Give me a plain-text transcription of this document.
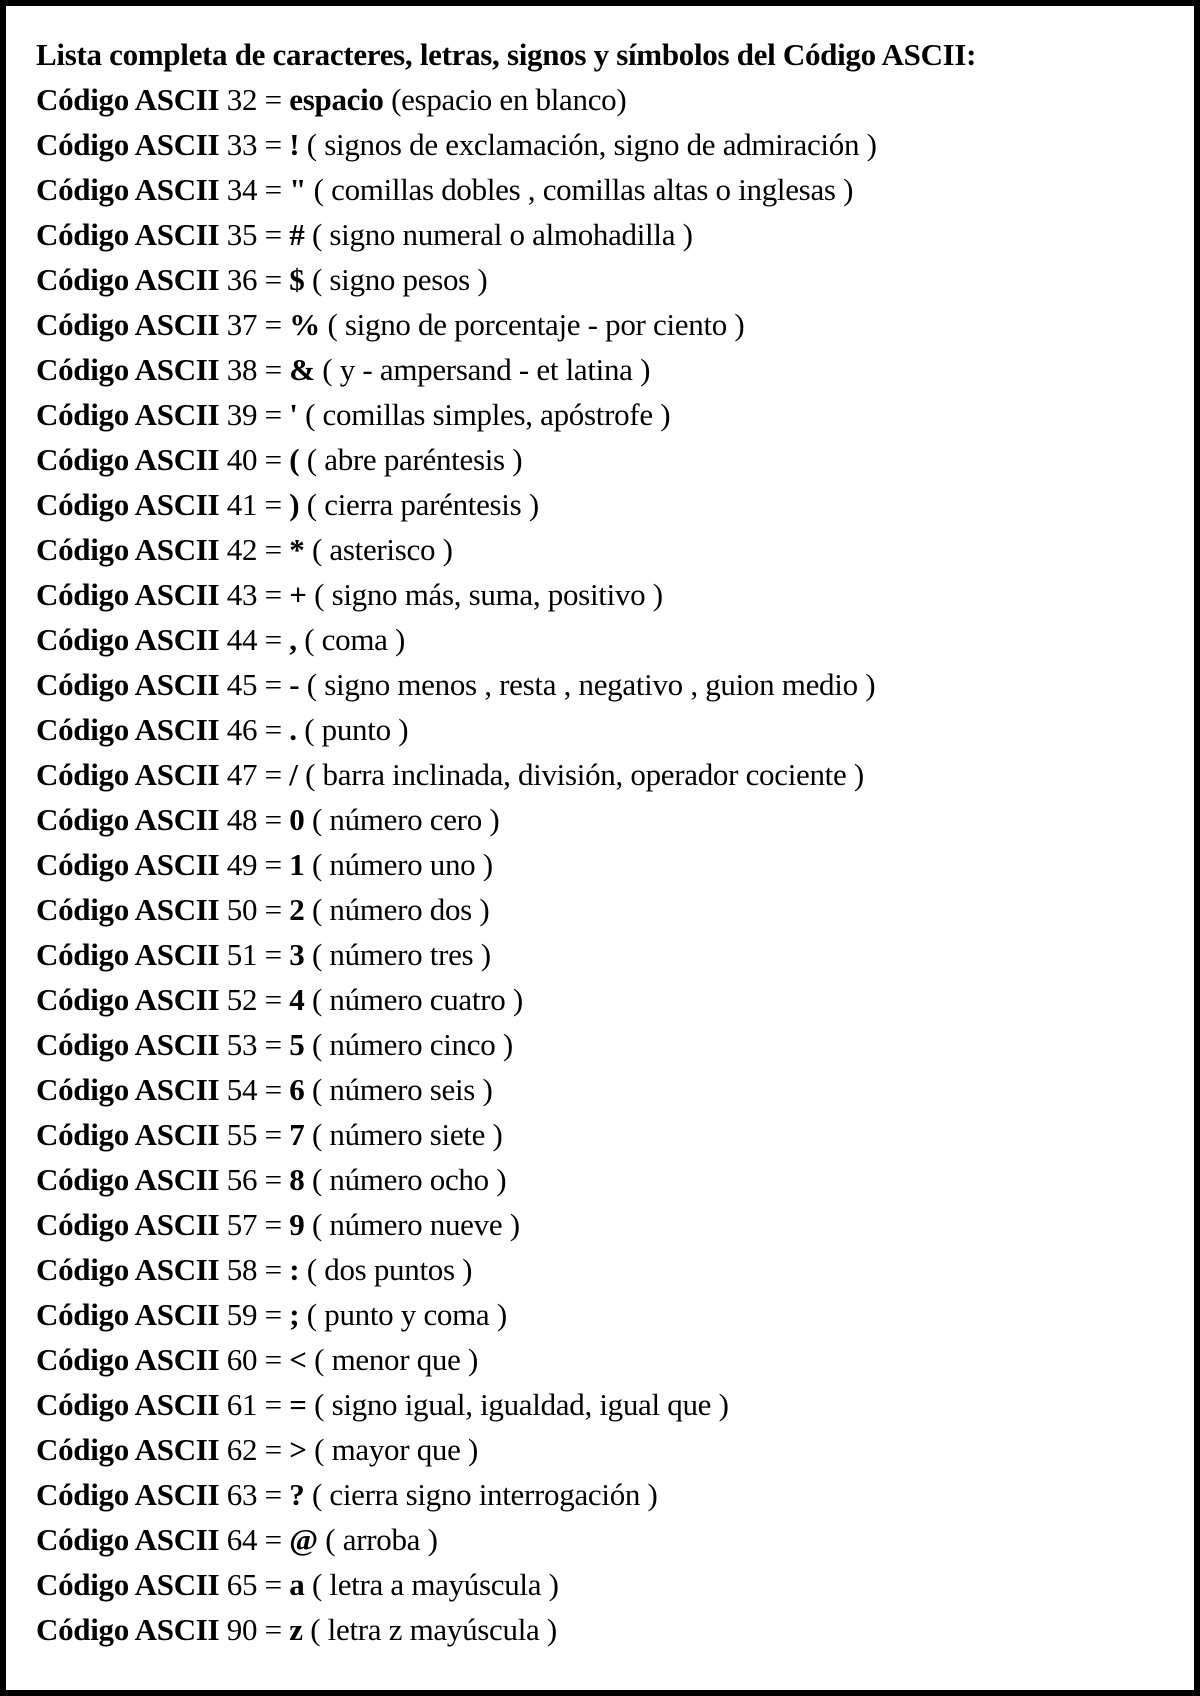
Lista completa de caracteres, letras, signos y símbolos del Código ASCII:
Código ASCII 32 = espacio (espacio en blanco)
Código ASCII 33 = ! ( signos de exclamación, signo de admiración )
Código ASCII 34 = " ( comillas dobles , comillas altas o inglesas )
Código ASCII 35 = # ( signo numeral o almohadilla )
Código ASCII 36 = $ ( signo pesos )
Código ASCII 37 = % ( signo de porcentaje - por ciento )
Código ASCII 38 = & ( y - ampersand - et latina )
Código ASCII 39 = ' ( comillas simples, apóstrofe )
Código ASCII 40 = ( ( abre paréntesis )
Código ASCII 41 = ) ( cierra paréntesis )
Código ASCII 42 = * ( asterisco )
Código ASCII 43 = + ( signo más, suma, positivo )
Código ASCII 44 = , ( coma )
Código ASCII 45 = - ( signo menos , resta , negativo , guion medio )
Código ASCII 46 = . ( punto )
Código ASCII 47 = / ( barra inclinada, división, operador cociente )
Código ASCII 48 = 0 ( número cero )
Código ASCII 49 = 1 ( número uno )
Código ASCII 50 = 2 ( número dos )
Código ASCII 51 = 3 ( número tres )
Código ASCII 52 = 4 ( número cuatro )
Código ASCII 53 = 5 ( número cinco )
Código ASCII 54 = 6 ( número seis )
Código ASCII 55 = 7 ( número siete )
Código ASCII 56 = 8 ( número ocho )
Código ASCII 57 = 9 ( número nueve )
Código ASCII 58 = : ( dos puntos )
Código ASCII 59 = ; ( punto y coma )
Código ASCII 60 = < ( menor que )
Código ASCII 61 = = ( signo igual, igualdad, igual que )
Código ASCII 62 = > ( mayor que )
Código ASCII 63 = ? ( cierra signo interrogación )
Código ASCII 64 = @ ( arroba )
Código ASCII 65 = a ( letra a mayúscula )
Código ASCII 90 = z ( letra z mayúscula )
